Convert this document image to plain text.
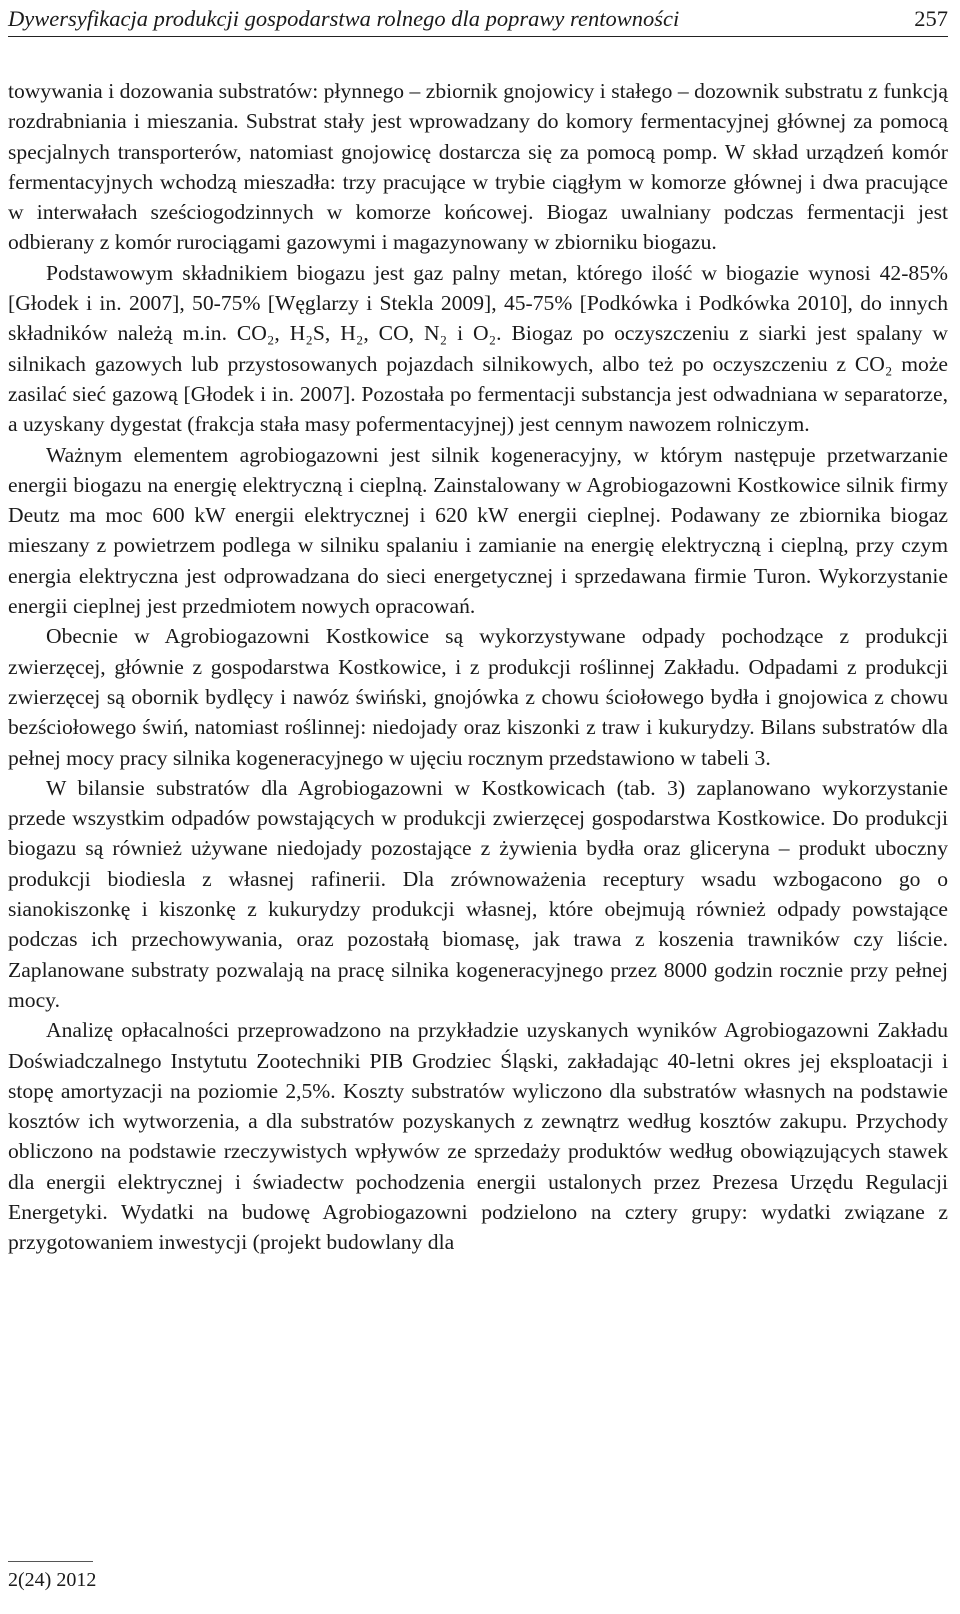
Dywersyfikacja produkcji gospodarstwa rolnego dla poprawy rentowności	257

towywania i dozowania substratów: płynnego – zbiornik gnojowicy i stałego – dozownik substratu z funkcją rozdrabniania i mieszania. Substrat stały jest wprowadzany do komory fermentacyjnej głównej za pomocą specjalnych transporterów, natomiast gnojowicę dostarcza się za pomocą pomp. W skład urządzeń komór fermentacyjnych wchodzą mieszadła: trzy pracujące w trybie ciągłym w komorze głównej i dwa pracujące w interwałach sześciogodzinnych w komorze końcowej. Biogaz uwalniany podczas fermentacji jest odbierany z komór rurociągami gazowymi i magazynowany w zbiorniku biogazu.

Podstawowym składnikiem biogazu jest gaz palny metan, którego ilość w biogazie wynosi 42-85% [Głodek i in. 2007], 50-75% [Węglarzy i Stekla 2009], 45-75% [Podkówka i Podkówka 2010], do innych składników należą m.in. CO₂, H₂S, H₂, CO, N₂ i O₂. Biogaz po oczyszczeniu z siarki jest spalany w silnikach gazowych lub przystosowanych pojazdach silnikowych, albo też po oczyszczeniu z CO₂ może zasilać sieć gazową [Głodek i in. 2007]. Pozostała po fermentacji substancja jest odwadniana w separatorze, a uzyskany dygestat (frakcja stała masy pofermentacyjnej) jest cennym nawozem rolniczym.

Ważnym elementem agrobiogazowni jest silnik kogeneracyjny, w którym następuje przetwarzanie energii biogazu na energię elektryczną i cieplną. Zainstalowany w Agrobiogazowni Kostkowice silnik firmy Deutz ma moc 600 kW energii elektrycznej i 620 kW energii cieplnej. Podawany ze zbiornika biogaz mieszany z powietrzem podlega w silniku spalaniu i zamianie na energię elektryczną i cieplną, przy czym energia elektryczna jest odprowadzana do sieci energetycznej i sprzedawana firmie Turon. Wykorzystanie energii cieplnej jest przedmiotem nowych opracowań.

Obecnie w Agrobiogazowni Kostkowice są wykorzystywane odpady pochodzące z produkcji zwierzęcej, głównie z gospodarstwa Kostkowice, i z produkcji roślinnej Zakładu. Odpadami z produkcji zwierzęcej są obornik bydlęcy i nawóz świński, gnojówka z chowu ściołowego bydła i gnojowica z chowu bezściołowego świń, natomiast roślinnej: niedojady oraz kiszonki z traw i kukurydzy. Bilans substratów dla pełnej mocy pracy silnika kogeneracyjnego w ujęciu rocznym przedstawiono w tabeli 3.

W bilansie substratów dla Agrobiogazowni w Kostkowicach (tab. 3) zaplanowano wykorzystanie przede wszystkim odpadów powstających w produkcji zwierzęcej gospodarstwa Kostkowice. Do produkcji biogazu są również używane niedojady pozostające z żywienia bydła oraz gliceryna – produkt uboczny produkcji biodiesla z własnej rafinerii. Dla zrównoważenia receptury wsadu wzbogacono go o sianokiszonkę i kiszonkę z kukurydzy produkcji własnej, które obejmują również odpady powstające podczas ich przechowywania, oraz pozostałą biomasę, jak trawa z koszenia trawników czy liście. Zaplanowane substraty pozwalają na pracę silnika kogeneracyjnego przez 8000 godzin rocznie przy pełnej mocy.

Analizę opłacalności przeprowadzono na przykładzie uzyskanych wyników Agrobiogazowni Zakładu Doświadczalnego Instytutu Zootechniki PIB Grodziec Śląski, zakładając 40-letni okres jej eksploatacji i stopę amortyzacji na poziomie 2,5%. Koszty substratów wyliczono dla substratów własnych na podstawie kosztów ich wytworzenia, a dla substratów pozyskanych z zewnątrz według kosztów zakupu. Przychody obliczono na podstawie rzeczywistych wpływów ze sprzedaży produktów według obowiązujących stawek dla energii elektrycznej i świadectw pochodzenia energii ustalonych przez Prezesa Urzędu Regulacji Energetyki. Wydatki na budowę Agrobiogazowni podzielono na cztery grupy: wydatki związane z przygotowaniem inwestycji (projekt budowlany dla

2(24) 2012
